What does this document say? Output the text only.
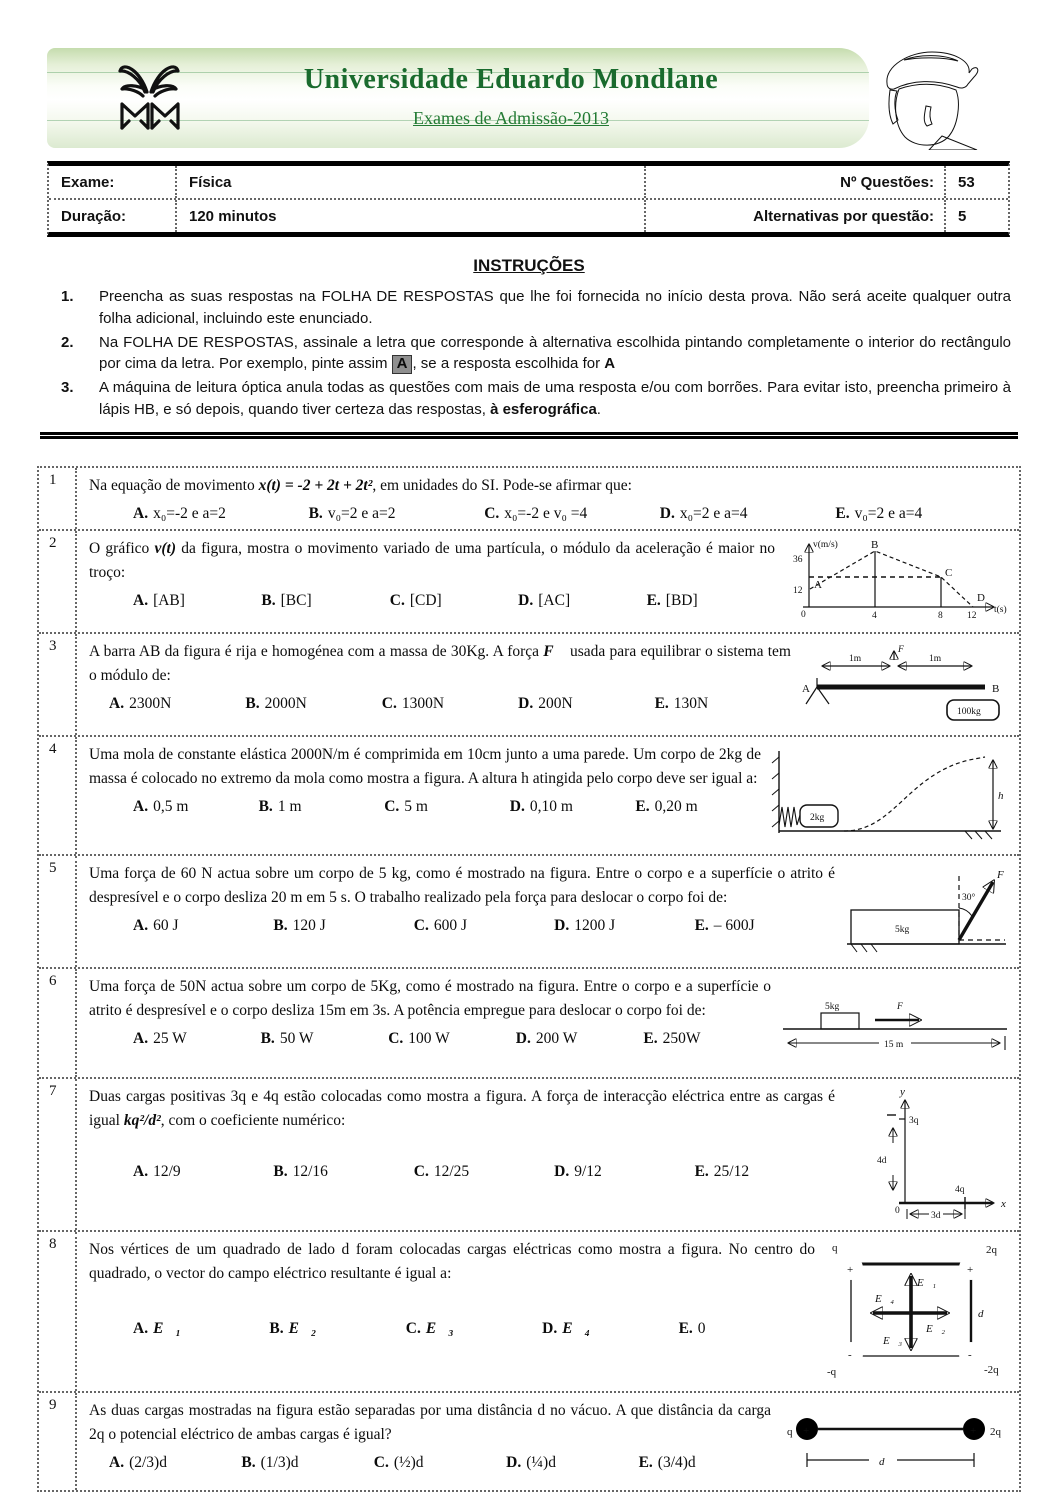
Universidade Eduardo Mondlane
Exames de Admissão-2013
Exame:	Física	Nº Questões:	53
Duração:	120 minutos	Alternativas por questão:	5
INSTRUÇÕES
1.	Preencha as suas respostas na FOLHA DE RESPOSTAS que lhe foi fornecida no início desta prova. Não será aceite qualquer outra folha adicional, incluindo este enunciado.
2.	Na FOLHA DE RESPOSTAS, assinale a letra que corresponde à alternativa escolhida pintando completamente o interior do rectângulo por cima da letra. Por exemplo, pinte assim A , se a resposta escolhida for A
3.	A máquina de leitura óptica anula todas as questões com mais de uma resposta e/ou com borrões. Para evitar isto, preencha primeiro à lápis HB, e só depois, quando tiver certeza das respostas, à esferográfica.
1	Na equação de movimento x(t) = -2 + 2t + 2t², em unidades do SI. Pode-se afirmar que:
A. x₀=-2 e a=2	B. v₀=2 e a=2	C. x₀=-2 e v₀ =4	D. x₀=2 e a=4	E. v₀=2 e a=4
2	O gráfico v(t) da figura, mostra o movimento variado de uma partícula, o módulo da aceleração é maior no troço:
A. [AB]	B. [BC]	C. [CD]	D. [AC]	E. [BD]
v(m/s)
36
12
0
A
B
C
D
4	8	12
t(s)
3	A barra AB da figura é rija e homogénea com a massa de 30Kg. A força F⃗ usada para equilibrar o sistema tem o módulo de:
A. 2300N	B. 2000N	C. 1300N	D. 200N	E. 130N
1m	1m
F⃗
A	B
100kg
4	Uma mola de constante elástica 2000N/m é comprimida em 10cm junto a uma parede. Um corpo de 2kg de massa é colocado no extremo da mola como mostra a figura. A altura h atingida pelo corpo deve ser igual a:
A. 0,5 m	B. 1 m	C. 5 m	D. 0,10 m	E. 0,20 m
2kg
h
5	Uma força de 60 N actua sobre um corpo de 5 kg, como é mostrado na figura. Entre o corpo e a superfície o atrito é despresível e o corpo desliza 20 m em 5 s. O trabalho realizado pela força para deslocar o corpo foi de:
A. 60 J	B. 120 J	C. 600 J	D. 1200 J	E. – 600J	5kg
30°
F⃗
6	Uma força de 50N actua sobre um corpo de 5Kg, como é mostrado na figura. Entre o corpo e a superfície o atrito é despresível e o corpo desliza 15m em 3s. A potência empregue para deslocar o corpo foi de:
A. 25 W	B. 50 W	C. 100 W	D. 200 W	E. 250W
5kg	F⃗
15 m
7	Duas cargas positivas 3q e 4q estão colocadas como mostra a figura. A força de interacção eléctrica entre as cargas é igual kq²/d², com o coeficiente numérico:
A. 12/9	B. 12/16	C. 12/25	D. 9/12	E. 25/12
y
x
3q
4d
4q
3d
0
8	Nos vértices de um quadrado de lado d foram colocadas cargas eléctricas como mostra a figura. No centro do quadrado, o vector do campo eléctrico resultante é igual a:
A. E⃗₁	B. E⃗₂	C. E⃗₃	D. E⃗₄	E. 0
+	+
-	-
q	2q
-q	-2q
E⃗₁
E⃗₄
E⃗₂
E⃗₃
d
9	As duas cargas mostradas na figura estão separadas por uma distância d no vácuo. A que distância da carga 2q o potencial eléctrico de ambas cargas é igual?
A. (2/3)d	B. (1/3)d	C. (½)d	D. (¼)d	E. (3/4)d
+	+
q	2q
d
